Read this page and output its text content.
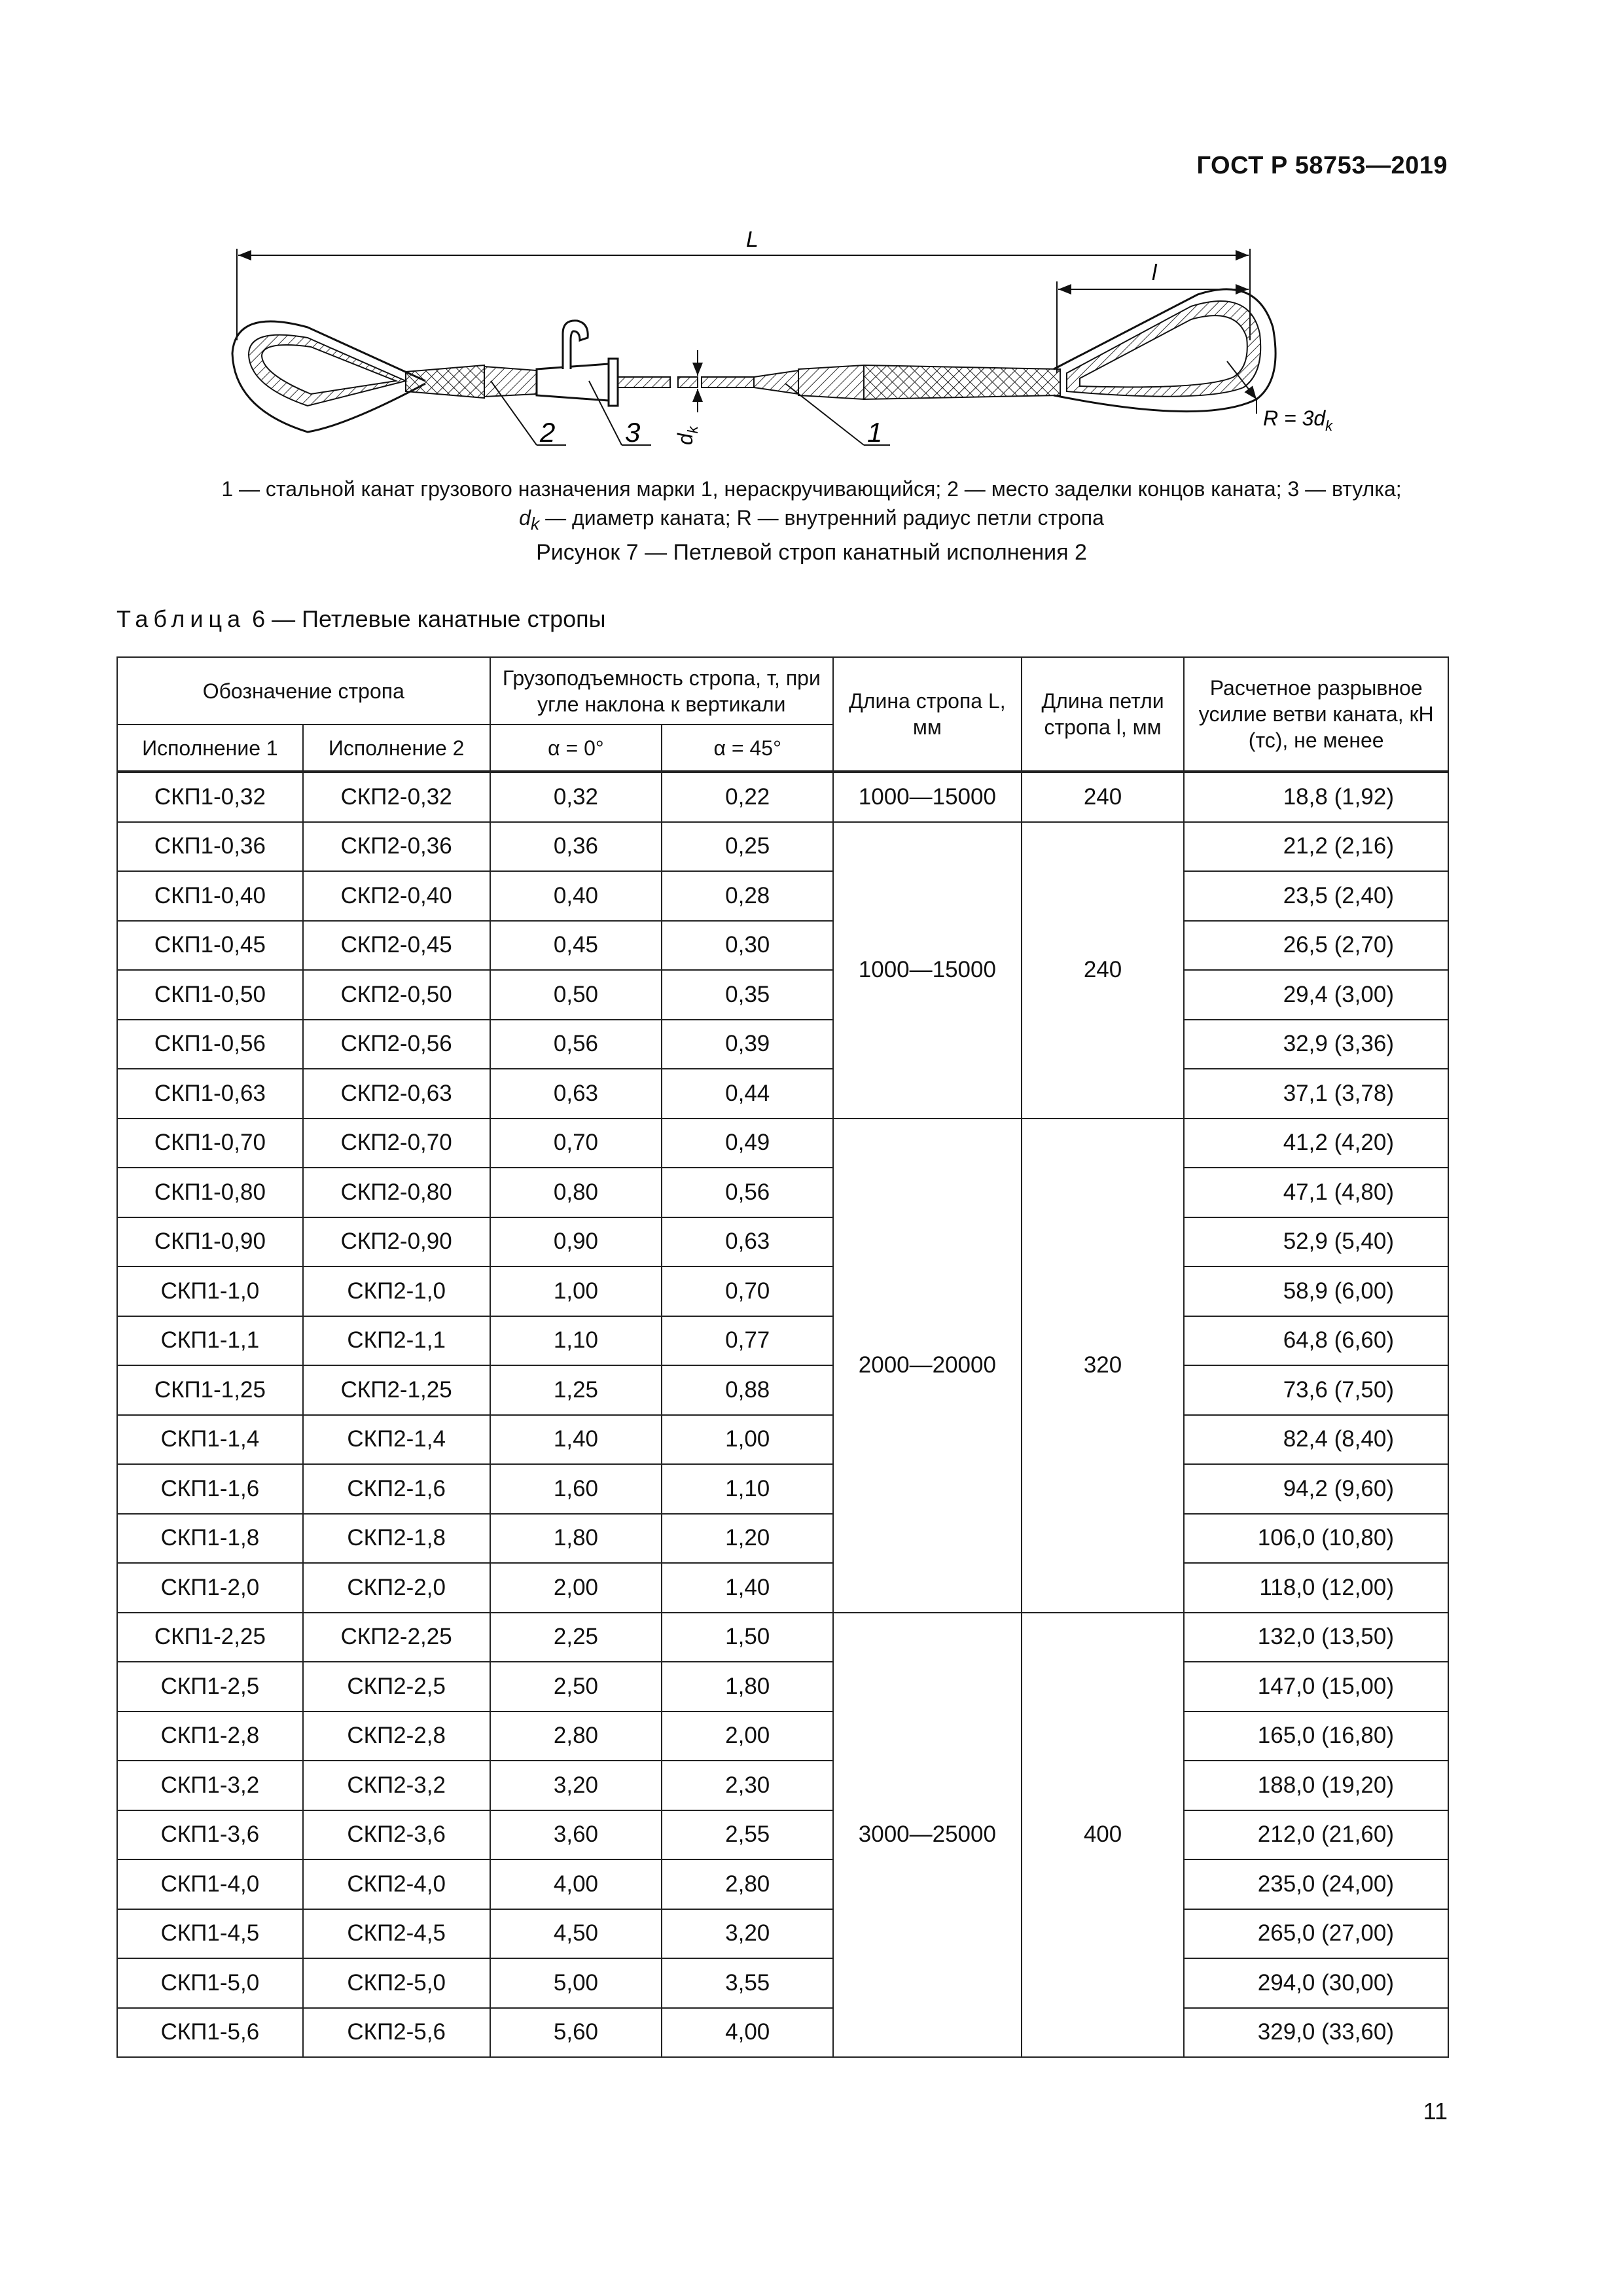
ГОСТ Р 58753—2019
L
l
$d_k$	$R = 3d_k$
2	3	1
1 — стальной канат грузового назначения марки 1, нераскручивающийся; 2 — место заделки концов каната; 3 — втулка;
$d_k$ — диаметр каната; R — внутренний радиус петли стропа
Рисунок 7 — Петлевой строп канатный исполнения 2
Таблица 6 — Петлевые канатные стропы
Обозначение стропа		Грузоподъемность стропа, т, при угле наклона к вертикали		Длина стропа L, мм	Длина петли стропа l, мм	Расчетное разрывное усилие ветви каната, кН (тс), не менее
Исполнение 1	Исполнение 2	α = 0°	α = 45°			
СКП1-0,32	СКП2-0,32	0,32	0,22	1000—15000	240	18,8 (1,92)
СКП1-0,36	СКП2-0,36	0,36	0,25	1000—15000	240	21,2 (2,16)
СКП1-0,40	СКП2-0,40	0,40	0,28			23,5 (2,40)
СКП1-0,45	СКП2-0,45	0,45	0,30			26,5 (2,70)
СКП1-0,50	СКП2-0,50	0,50	0,35			29,4 (3,00)
СКП1-0,56	СКП2-0,56	0,56	0,39			32,9 (3,36)
СКП1-0,63	СКП2-0,63	0,63	0,44			37,1 (3,78)
СКП1-0,70	СКП2-0,70	0,70	0,49	2000—20000	320	41,2 (4,20)
СКП1-0,80	СКП2-0,80	0,80	0,56			47,1 (4,80)
СКП1-0,90	СКП2-0,90	0,90	0,63			52,9 (5,40)
СКП1-1,0	СКП2-1,0	1,00	0,70			58,9 (6,00)
СКП1-1,1	СКП2-1,1	1,10	0,77			64,8 (6,60)
СКП1-1,25	СКП2-1,25	1,25	0,88			73,6 (7,50)
СКП1-1,4	СКП2-1,4	1,40	1,00			82,4 (8,40)
СКП1-1,6	СКП2-1,6	1,60	1,10			94,2 (9,60)
СКП1-1,8	СКП2-1,8	1,80	1,20			106,0 (10,80)
СКП1-2,0	СКП2-2,0	2,00	1,40			118,0 (12,00)
СКП1-2,25	СКП2-2,25	2,25	1,50	3000—25000	400	132,0 (13,50)
СКП1-2,5	СКП2-2,5	2,50	1,80			147,0 (15,00)
СКП1-2,8	СКП2-2,8	2,80	2,00			165,0 (16,80)
СКП1-3,2	СКП2-3,2	3,20	2,30			188,0 (19,20)
СКП1-3,6	СКП2-3,6	3,60	2,55			212,0 (21,60)
СКП1-4,0	СКП2-4,0	4,00	2,80			235,0 (24,00)
СКП1-4,5	СКП2-4,5	4,50	3,20			265,0 (27,00)
СКП1-5,0	СКП2-5,0	5,00	3,55			294,0 (30,00)
СКП1-5,6	СКП2-5,6	5,60	4,00			329,0 (33,60)
11
